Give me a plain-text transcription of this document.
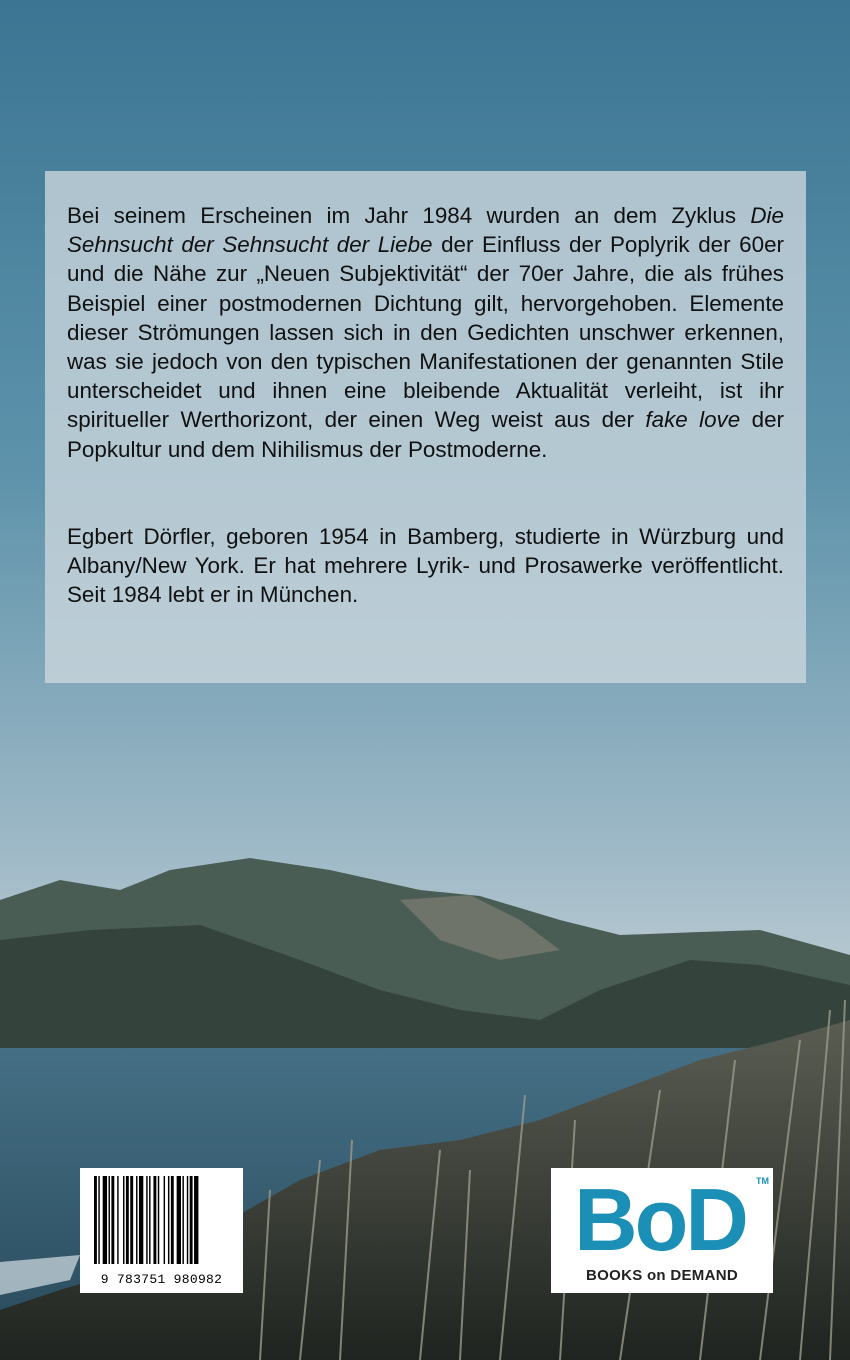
Bei seinem Erscheinen im Jahr 1984 wurden an dem Zyklus Die Sehnsucht der Sehnsucht der Liebe der Einfluss der Poplyrik der 60er und die Nähe zur „Neuen Subjektivität“ der 70er Jahre, die als frühes Beispiel einer postmodernen Dichtung gilt, hervorgehoben. Elemente dieser Strömungen lassen sich in den Gedichten unschwer erkennen, was sie jedoch von den typischen Manifestationen der genannten Stile unterscheidet und ihnen eine bleibende Aktualität verleiht, ist ihr spiritueller Werthorizont, der einen Weg weist aus der fake love der Popkultur und dem Nihilismus der Postmoderne.

Egbert Dörfler, geboren 1954 in Bamberg, studierte in Würzburg und Albany/New York. Er hat mehrere Lyrik- und Prosawerke veröffentlicht. Seit 1984 lebt er in München.

9 783751 980982
BoD	TM
BOOKS on DEMAND
